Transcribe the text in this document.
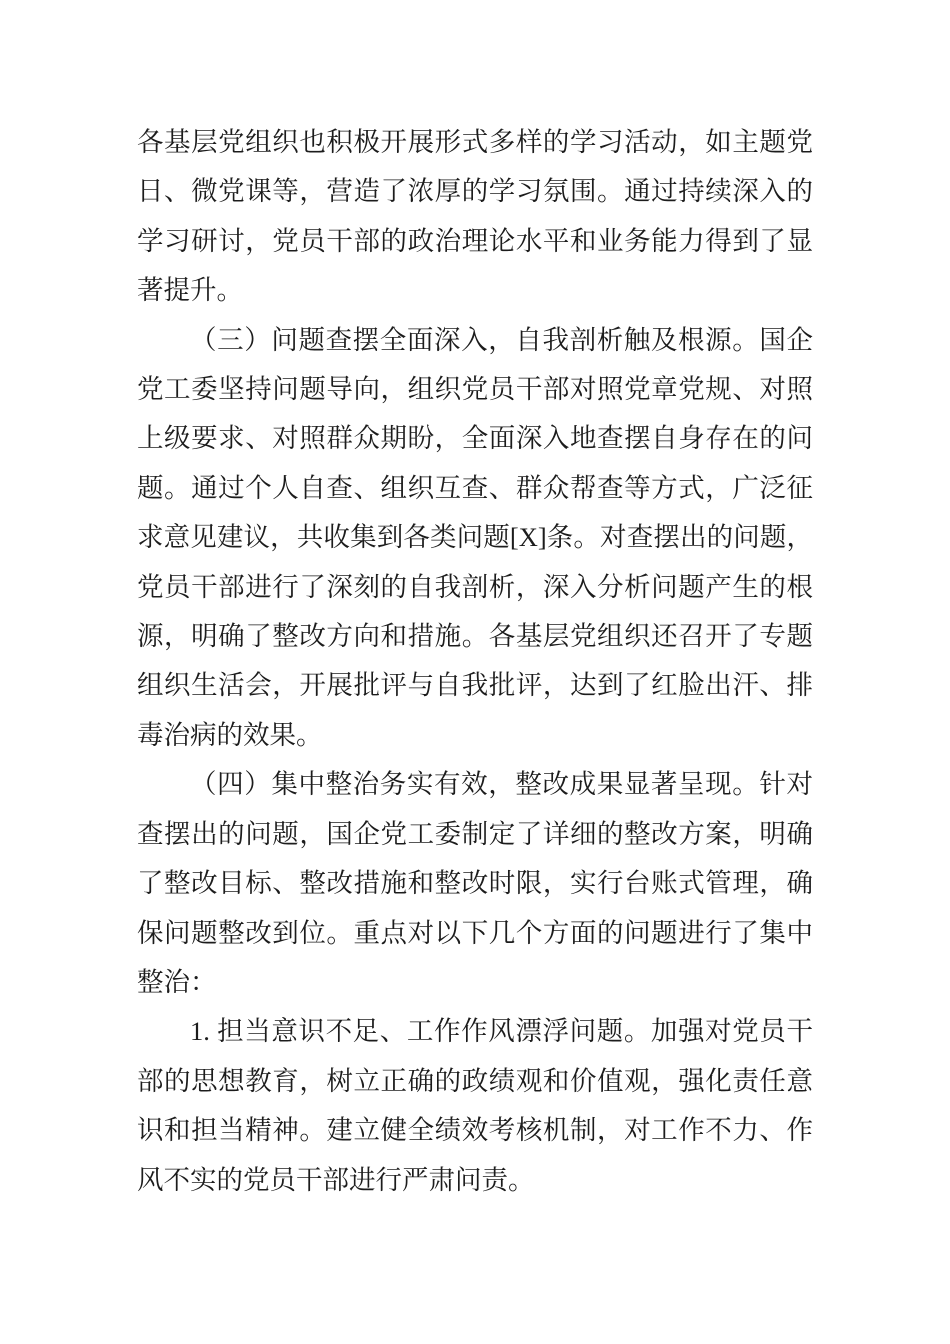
各基层党组织也积极开展形式多样的学习活动，如主题党日、微党课等，营造了浓厚的学习氛围。通过持续深入的学习研讨，党员干部的政治理论水平和业务能力得到了显著提升。

（三）问题查摆全面深入，自我剖析触及根源。国企党工委坚持问题导向，组织党员干部对照党章党规、对照上级要求、对照群众期盼，全面深入地查摆自身存在的问题。通过个人自查、组织互查、群众帮查等方式，广泛征求意见建议，共收集到各类问题[X]条。对查摆出的问题，党员干部进行了深刻的自我剖析，深入分析问题产生的根源，明确了整改方向和措施。各基层党组织还召开了专题组织生活会，开展批评与自我批评，达到了红脸出汗、排毒治病的效果。

（四）集中整治务实有效，整改成果显著呈现。针对查摆出的问题，国企党工委制定了详细的整改方案，明确了整改目标、整改措施和整改时限，实行台账式管理，确保问题整改到位。重点对以下几个方面的问题进行了集中整治：

1. 担当意识不足、工作作风漂浮问题。加强对党员干部的思想教育，树立正确的政绩观和价值观，强化责任意识和担当精神。建立健全绩效考核机制，对工作不力、作风不实的党员干部进行严肃问责。
